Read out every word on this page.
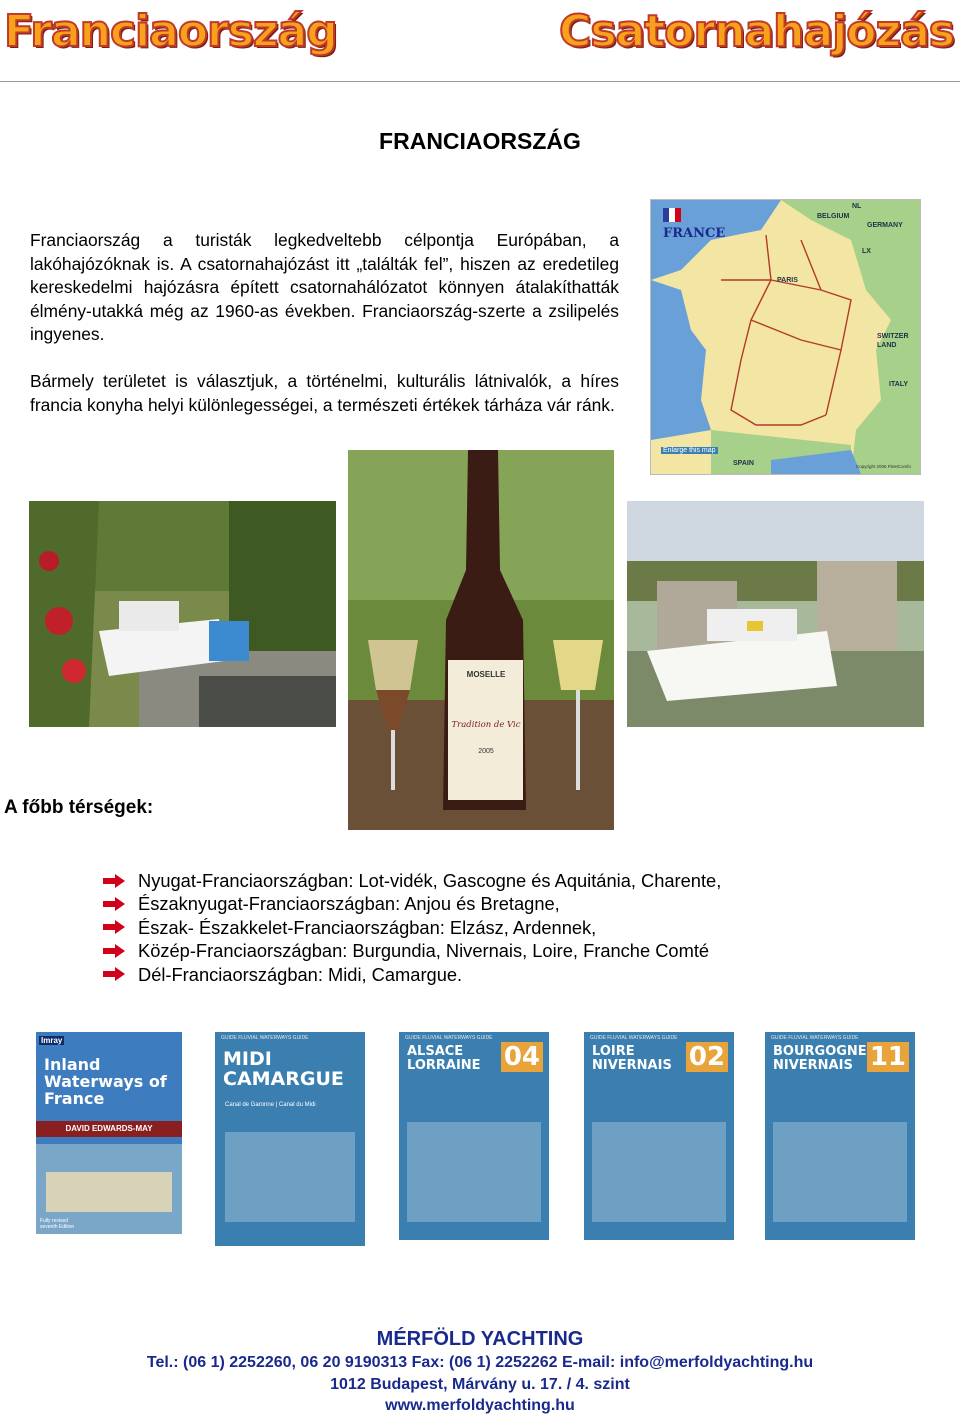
Franciaország	Csatornahajózás
FRANCIAORSZÁG

Franciaország a turisták legkedveltebb célpontja Európában, a lakóhajózóknak is. A csatornahajózást itt „találták fel”, hiszen az eredetileg kereskedelmi hajózásra épített csatornahálózatot könnyen átalakíthatták élmény-utakká még az 1960-as években. Franciaország-szerte a zsilipelés ingyenes.

Bármely területet is választjuk, a történelmi, kulturális látnivalók, a híres francia konyha helyi különlegességei, a természeti értékek tárháza vár ránk.

FRANCE
BELGIUM
NL
GERMANY
LX
SWITZER LAND
ITALY
SPAIN
PARIS
Enlarge this map
Copyright 2006 FleetComfo
MOSELLE
Tradition de Vic
2005
A főbb térségek:
Nyugat-Franciaországban: Lot-vidék, Gascogne és Aquitánia, Charente,
Északnyugat-Franciaországban: Anjou és Bretagne,
Észak- Északkelet-Franciaországban: Elzász, Ardennek,
Közép-Franciaországban: Burgundia, Nivernais, Loire, Franche Comté
Dél-Franciaországban: Midi, Camargue.
Imray
Inland Waterways of France
DAVID EDWARDS-MAY
Fully revised seventh Edition
GUIDE FLUVIAL WATERWAYS GUIDE
MIDI CAMARGUE
Canal de Garonne | Canal du Midi
GUIDE FLUVIAL WATERWAYS GUIDE
ALSACE LORRAINE 04
GUIDE FLUVIAL WATERWAYS GUIDE
LOIRE NIVERNAIS 02
GUIDE FLUVIAL WATERWAYS GUIDE
BOURGOGNE NIVERNAIS 11
MÉRFÖLD YACHTING
Tel.: (06 1) 2252260, 06 20 9190313 Fax: (06 1) 2252262 E-mail: info@merfoldyachting.hu
1012 Budapest, Márvány u. 17. / 4. szint
www.merfoldyachting.hu
